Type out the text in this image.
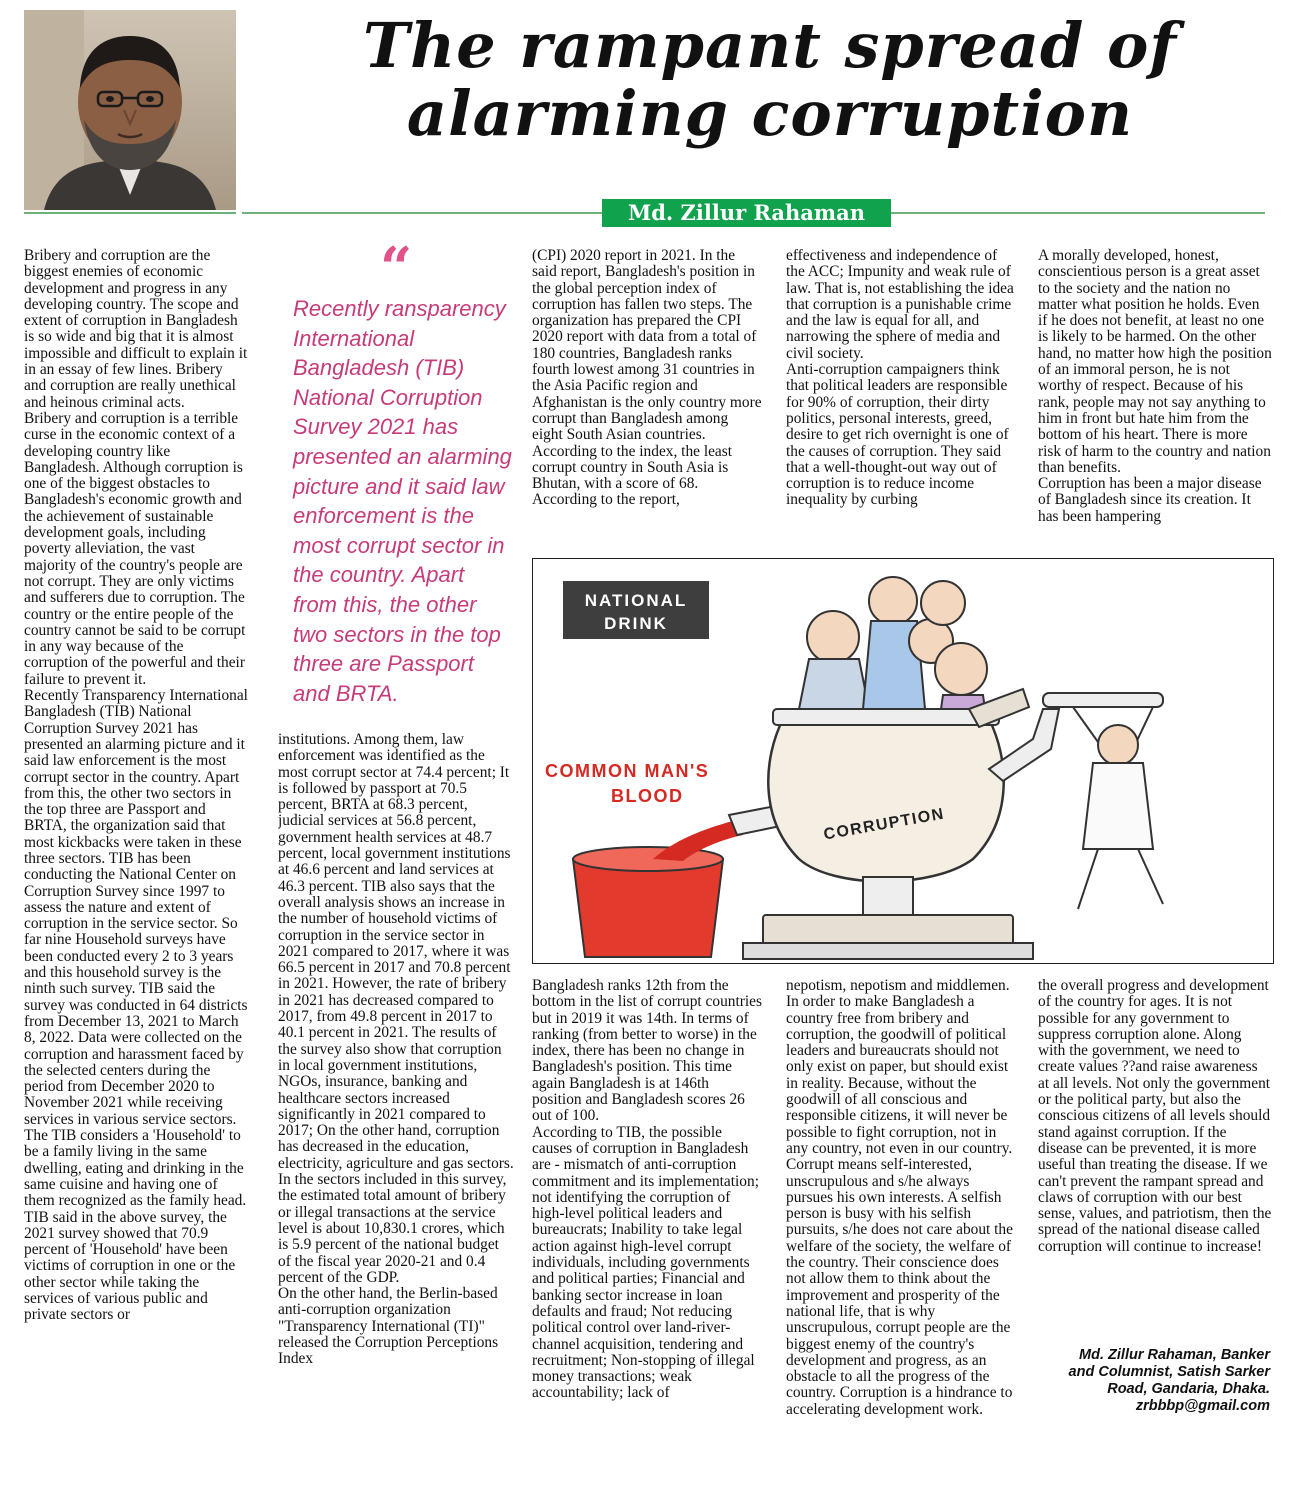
The rampant spread of
alarming corruption
Md. Zillur Rahaman

Bribery and corruption are the biggest enemies of economic development and progress in any developing country. The scope and extent of corruption in Bangladesh is so wide and big that it is almost impossible and difficult to explain it in an essay of few lines. Bribery and corruption are really unethical and heinous criminal acts.

Bribery and corruption is a terrible curse in the economic context of a developing country like Bangladesh. Although corruption is one of the biggest obstacles to Bangladesh's economic growth and the achievement of sustainable development goals, including poverty alleviation, the vast majority of the country's people are not corrupt. They are only victims and sufferers due to corruption. The country or the entire people of the country cannot be said to be corrupt in any way because of the corruption of the powerful and their failure to prevent it.

Recently Transparency International Bangladesh (TIB) National Corruption Survey 2021 has presented an alarming picture and it said law enforcement is the most corrupt sector in the country. Apart from this, the other two sectors in the top three are Passport and BRTA, the organization said that most kickbacks were taken in these three sectors. TIB has been conducting the National Center on Corruption Survey since 1997 to assess the nature and extent of corruption in the service sector. So far nine Household surveys have been conducted every 2 to 3 years and this household survey is the ninth such survey. TIB said the survey was conducted in 64 districts from December 13, 2021 to March 8, 2022. Data were collected on the corruption and harassment faced by the selected centers during the period from December 2020 to November 2021 while receiving services in various service sectors. The TIB considers a 'Household' to be a family living in the same dwelling, eating and drinking in the same cuisine and having one of them recognized as the family head.

TIB said in the above survey, the 2021 survey showed that 70.9 percent of 'Household' have been victims of corruption in one or the other sector while taking the services of various public and private sectors or

“

Recently ransparency International Bangladesh (TIB) National Corruption Survey 2021 has presented an alarming picture and it said law enforcement is the most corrupt sector in the country. Apart from this, the other two sectors in the top three are Passport and BRTA.

institutions. Among them, law enforcement was identified as the most corrupt sector at 74.4 percent; It is followed by passport at 70.5 percent, BRTA at 68.3 percent, judicial services at 56.8 percent, government health services at 48.7 percent, local government institutions at 46.6 percent and land services at 46.3 percent. TIB also says that the overall analysis shows an increase in the number of household victims of corruption in the service sector in 2021 compared to 2017, where it was 66.5 percent in 2017 and 70.8 percent in 2021. However, the rate of bribery in 2021 has decreased compared to 2017, from 49.8 percent in 2017 to 40.1 percent in 2021. The results of the survey also show that corruption in local government institutions, NGOs, insurance, banking and healthcare sectors increased significantly in 2021 compared to 2017; On the other hand, corruption has decreased in the education, electricity, agriculture and gas sectors. In the sectors included in this survey, the estimated total amount of bribery or illegal transactions at the service level is about 10,830.1 crores, which is 5.9 percent of the national budget of the fiscal year 2020-21 and 0.4 percent of the GDP.

On the other hand, the Berlin-based anti-corruption organization "Transparency International (TI)" released the Corruption Perceptions Index

(CPI) 2020 report in 2021. In the said report, Bangladesh's position in the global perception index of corruption has fallen two steps. The organization has prepared the CPI 2020 report with data from a total of 180 countries, Bangladesh ranks fourth lowest among 31 countries in the Asia Pacific region and Afghanistan is the only country more corrupt than Bangladesh among eight South Asian countries. According to the index, the least corrupt country in South Asia is Bhutan, with a score of 68. According to the report,

effectiveness and independence of the ACC; Impunity and weak rule of law. That is, not establishing the idea that corruption is a punishable crime and the law is equal for all, and narrowing the sphere of media and civil society.

Anti-corruption campaigners think that political leaders are responsible for 90% of corruption, their dirty politics, personal interests, greed, desire to get rich overnight is one of the causes of corruption. They said that a well-thought-out way out of corruption is to reduce income inequality by curbing

A morally developed, honest, conscientious person is a great asset to the society and the nation no matter what position he holds. Even if he does not benefit, at least no one is likely to be harmed. On the other hand, no matter how high the position of an immoral person, he is not worthy of respect. Because of his rank, people may not say anything to him in front but hate him from the bottom of his heart. There is more risk of harm to the country and nation than benefits.

Corruption has been a major disease of Bangladesh since its creation. It has been hampering

NATIONAL
DRINK
COMMON MAN'S
BLOOD
CORRUPTION

Bangladesh ranks 12th from the bottom in the list of corrupt countries but in 2019 it was 14th. In terms of ranking (from better to worse) in the index, there has been no change in Bangladesh's position. This time again Bangladesh is at 146th position and Bangladesh scores 26 out of 100.

According to TIB, the possible causes of corruption in Bangladesh are - mismatch of anti-corruption commitment and its implementation; not identifying the corruption of high-level political leaders and bureaucrats; Inability to take legal action against high-level corrupt individuals, including governments and political parties; Financial and banking sector increase in loan defaults and fraud; Not reducing political control over land-river-channel acquisition, tendering and recruitment; Non-stopping of illegal money transactions; weak accountability; lack of

nepotism, nepotism and middlemen. In order to make Bangladesh a country free from bribery and corruption, the goodwill of political leaders and bureaucrats should not only exist on paper, but should exist in reality. Because, without the goodwill of all conscious and responsible citizens, it will never be possible to fight corruption, not in any country, not even in our country.

Corrupt means self-interested, unscrupulous and s/he always pursues his own interests. A selfish person is busy with his selfish pursuits, s/he does not care about the welfare of the society, the welfare of the country. Their conscience does not allow them to think about the improvement and prosperity of the national life, that is why unscrupulous, corrupt people are the biggest enemy of the country's development and progress, as an obstacle to all the progress of the country. Corruption is a hindrance to accelerating development work.

the overall progress and development of the country for ages. It is not possible for any government to suppress corruption alone. Along with the government, we need to create values ??and raise awareness at all levels. Not only the government or the political party, but also the conscious citizens of all levels should stand against corruption. If the disease can be prevented, it is more useful than treating the disease. If we can't prevent the rampant spread and claws of corruption with our best sense, values, and patriotism, then the spread of the national disease called corruption will continue to increase!

Md. Zillur Rahaman, Banker

and Columnist, Satish Sarker

Road, Gandaria, Dhaka.

zrbbbp@gmail.com
